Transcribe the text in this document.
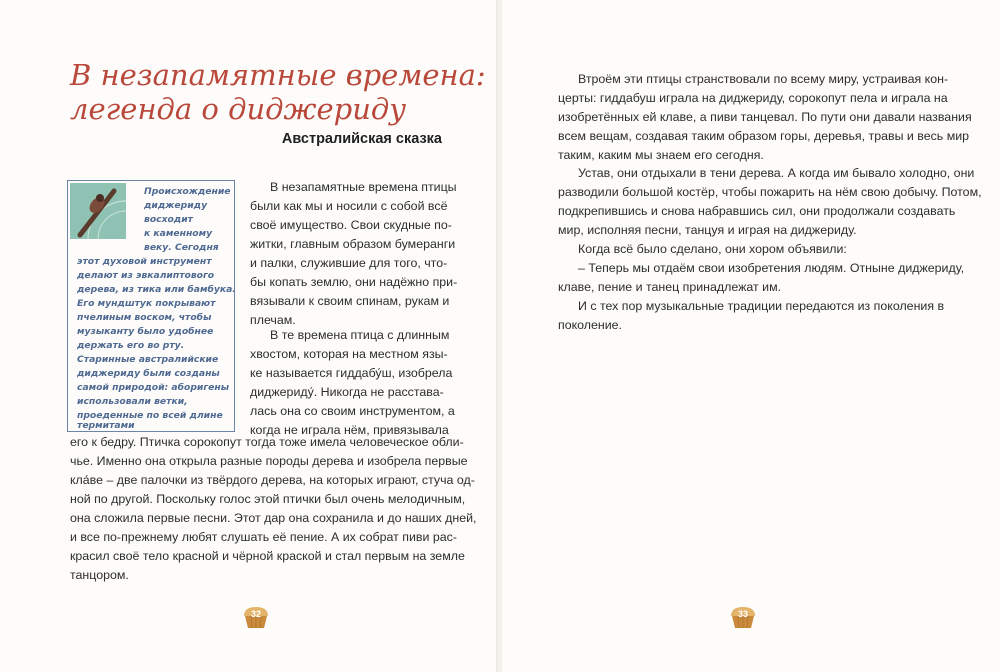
В незапамятные времена:
легенда о диджериду
Австралийская сказка

Происхождение

диджериду

восходит

к каменному

веку. Сегодня

этот духовой инструмент

делают из эвкалиптового

дерева, из тика или бамбука.

Его мундштук покрывают

пчелиным воском, чтобы

музыканту было удобнее

держать его во рту.

Старинные австралийские

диджериду были созданы

самой природой: аборигены

использовали ветки,

проеденные по всей длине

термитами

В незапамятные времена птицы

были как мы и носили с собой всё

своё имущество. Свои скудные по-

житки, главным образом бумеранги

и палки, служившие для того, что-

бы копать землю, они надёжно при-

вязывали к своим спинам, рукам и

плечам.

В те времена птица с длинным

хвостом, которая на местном язы-

ке называется гиддабу́ш, изобрела

диджериду́. Никогда не расстава-

лась она со своим инструментом, а

когда не играла нём, привязывала

его к бедру. Птичка сорокопут тогда тоже имела человеческое обли-

чье. Именно она открыла разные породы дерева и изобрела первые

кла́ве – две палочки из твёрдого дерева, на которых играют, стуча од-

ной по другой. Поскольку голос этой птички был очень мелодичным,

она сложила первые песни. Этот дар она сохранила и до наших дней,

и все по-прежнему любят слушать её пение. А их собрат пиви рас-

красил своё тело красной и чёрной краской и стал первым на земле

танцором.

32

Втроём эти птицы странствовали по всему миру, устраивая кон-

церты: гиддабуш играла на диджериду, сорокопут пела и играла на

изобретённых ей клаве, а пиви танцевал. По пути они давали названия

всем вещам, создавая таким образом горы, деревья, травы и весь мир

таким, каким мы знаем его сегодня.

Устав, они отдыхали в тени дерева. А когда им бывало холодно, они

разводили большой костёр, чтобы пожарить на нём свою добычу. Потом,

подкрепившись и снова набравшись сил, они продолжали создавать

мир, исполняя песни, танцуя и играя на диджериду.

Когда всё было сделано, они хором объявили:

– Теперь мы отдаём свои изобретения людям. Отныне диджериду,

клаве, пение и танец принадлежат им.

И с тех пор музыкальные традиции передаются из поколения в

поколение.

33
